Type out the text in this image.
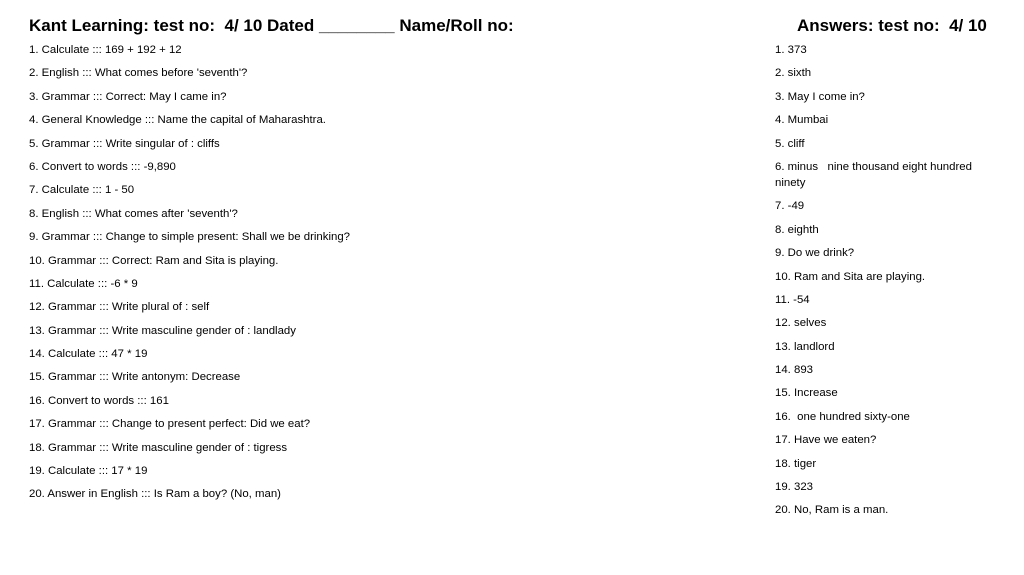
Kant Learning: test no:  4/ 10 Dated ________ Name/Roll no:	Answers: test no:  4/ 10
1. Calculate ::: 169 + 192 + 12
2. English ::: What comes before 'seventh'?
3. Grammar ::: Correct: May I came in?
4. General Knowledge ::: Name the capital of Maharashtra.
5. Grammar ::: Write singular of : cliffs
6. Convert to words ::: -9,890
7. Calculate ::: 1 - 50
8. English ::: What comes after 'seventh'?
9. Grammar ::: Change to simple present: Shall we be drinking?
10. Grammar ::: Correct: Ram and Sita is playing.
11. Calculate ::: -6 * 9
12. Grammar ::: Write plural of : self
13. Grammar ::: Write masculine gender of : landlady
14. Calculate ::: 47 * 19
15. Grammar ::: Write antonym: Decrease
16. Convert to words ::: 161
17. Grammar ::: Change to present perfect: Did we eat?
18. Grammar ::: Write masculine gender of : tigress
19. Calculate ::: 17 * 19
20. Answer in English ::: Is Ram a boy? (No, man)
1. 373
2. sixth
3. May I come in?
4. Mumbai
5. cliff
6. minus   nine thousand eight hundred ninety
7. -49
8. eighth
9. Do we drink?
10. Ram and Sita are playing.
11. -54
12. selves
13. landlord
14. 893
15. Increase
16.  one hundred sixty-one
17. Have we eaten?
18. tiger
19. 323
20. No, Ram is a man.
